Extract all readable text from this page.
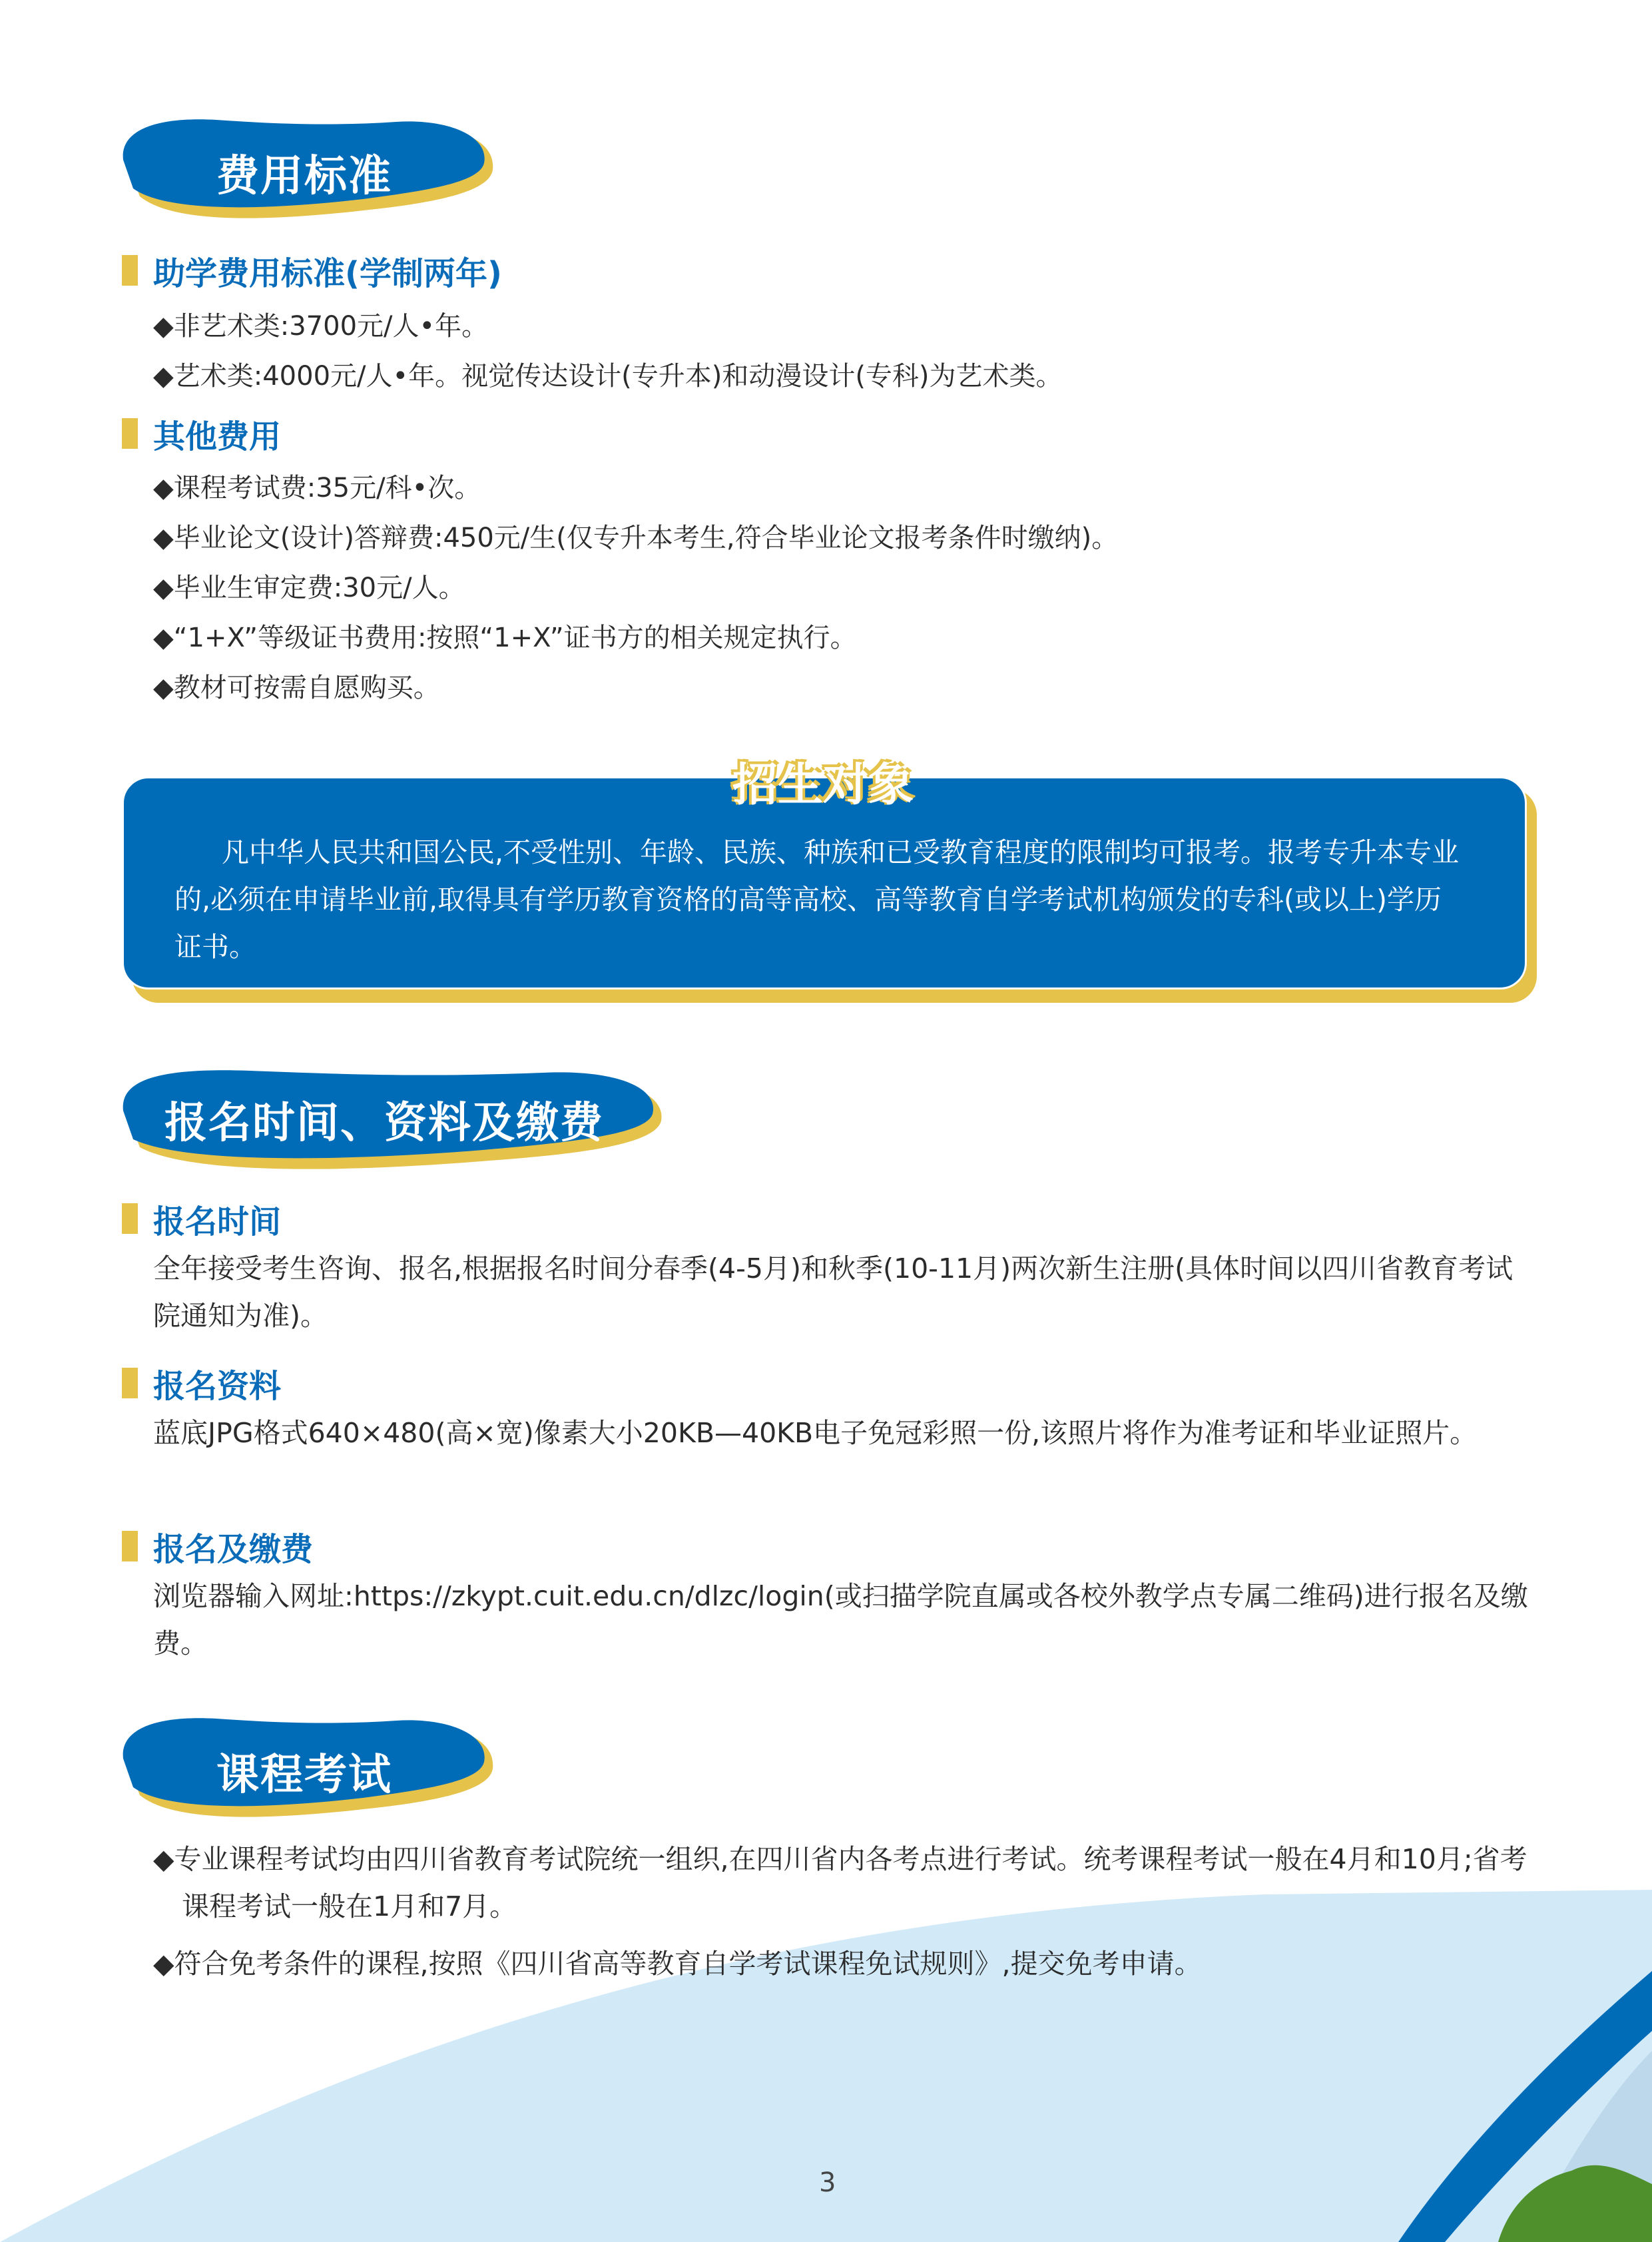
费用标准
助学费用标准(学制两年)
◆非艺术类:3700元/人•年。
◆艺术类:4000元/人•年。视觉传达设计(专升本)和动漫设计(专科)为艺术类。
其他费用
◆课程考试费:35元/科•次。
◆毕业论文(设计)答辩费:450元/生(仅专升本考生,符合毕业论文报考条件时缴纳)。
◆毕业生审定费:30元/人。
◆“1+X”等级证书费用:按照“1+X”证书方的相关规定执行。
◆教材可按需自愿购买。
招生对象
凡中华人民共和国公民,不受性别、年龄、民族、种族和已受教育程度的限制均可报考。报考专升本专业的,必须在申请毕业前,取得具有学历教育资格的高等高校、高等教育自学考试机构颁发的专科(或以上)学历证书。
报名时间、资料及缴费
报名时间
全年接受考生咨询、报名,根据报名时间分春季(4-5月)和秋季(10-11月)两次新生注册(具体时间以四川省教育考试院通知为准)。
报名资料
蓝底JPG格式640×480(高×宽)像素大小20KB—40KB电子免冠彩照一份,该照片将作为准考证和毕业证照片。
报名及缴费
浏览器输入网址:https://zkypt.cuit.edu.cn/dlzc/login(或扫描学院直属或各校外教学点专属二维码)进行报名及缴费。
课程考试
◆专业课程考试均由四川省教育考试院统一组织,在四川省内各考点进行考试。统考课程考试一般在4月和10月;省考课程考试一般在1月和7月。
◆符合免考条件的课程,按照《四川省高等教育自学考试课程免试规则》,提交免考申请。
3
